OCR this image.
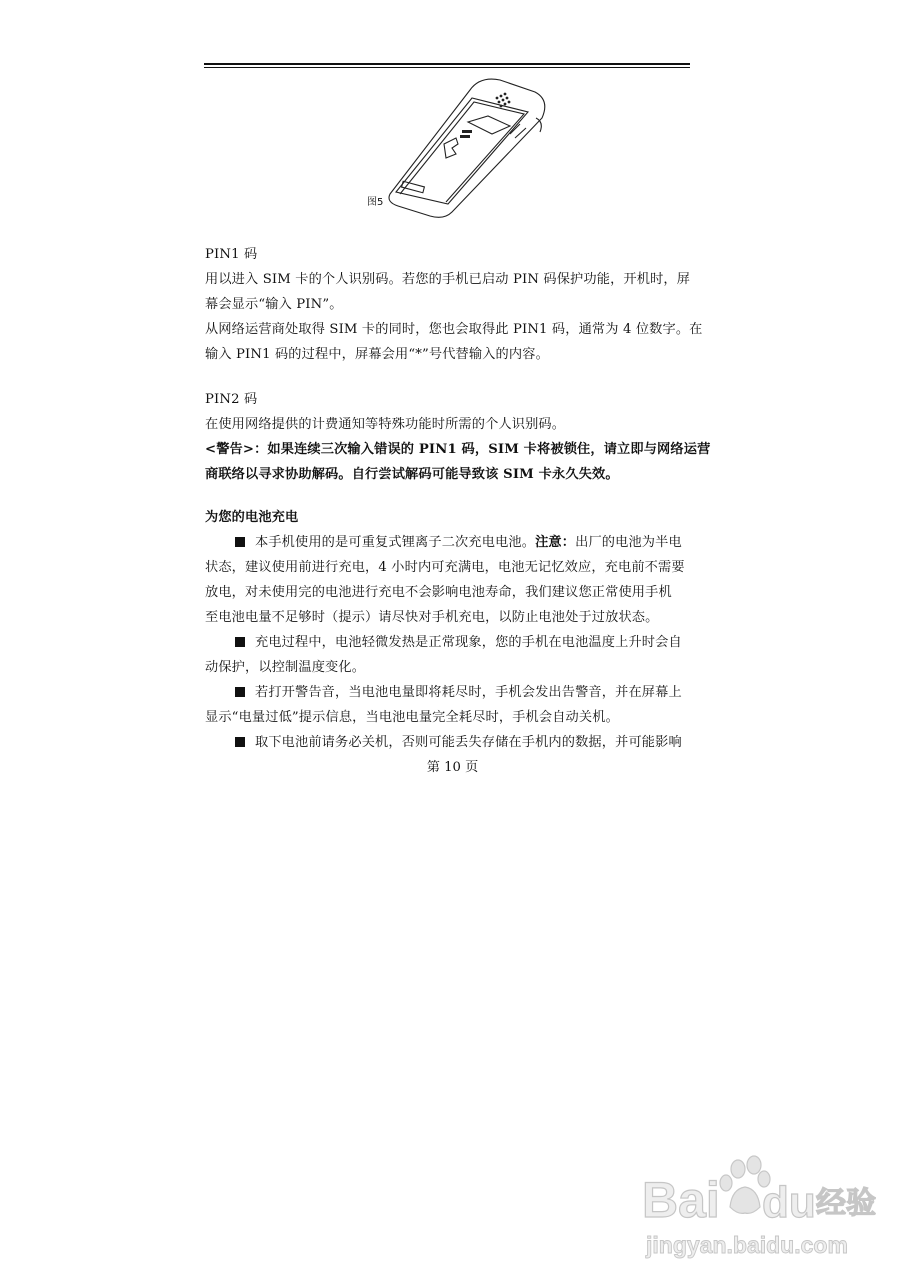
图5
PIN1 码
用以进入 SIM 卡的个人识别码。若您的手机已启动 PIN 码保护功能，开机时，屏
幕会显示“输入 PIN”。
从网络运营商处取得 SIM 卡的同时，您也会取得此 PIN1 码，通常为 4 位数字。在
输入 PIN1 码的过程中，屏幕会用“*”号代替输入的内容。
PIN2 码
在使用网络提供的计费通知等特殊功能时所需的个人识别码。
<警告>：如果连续三次输入错误的 PIN1 码，SIM 卡将被锁住，请立即与网络运营
商联络以寻求协助解码。自行尝试解码可能导致该 SIM 卡永久失效。
为您的电池充电
本手机使用的是可重复式锂离子二次充电电池。注意：出厂的电池为半电
状态，建议使用前进行充电，4 小时内可充满电，电池无记忆效应，充电前不需要
放电，对未使用完的电池进行充电不会影响电池寿命，我们建议您正常使用手机
至电池电量不足够时（提示）请尽快对手机充电，以防止电池处于过放状态。
充电过程中，电池轻微发热是正常现象，您的手机在电池温度上升时会自
动保护，以控制温度变化。
若打开警告音，当电池电量即将耗尽时，手机会发出告警音，并在屏幕上
显示“电量过低”提示信息，当电池电量完全耗尽时，手机会自动关机。
取下电池前请务必关机，否则可能丢失存储在手机内的数据，并可能影响
第 10 页
Bai du 经验
jingyan.baidu.com
